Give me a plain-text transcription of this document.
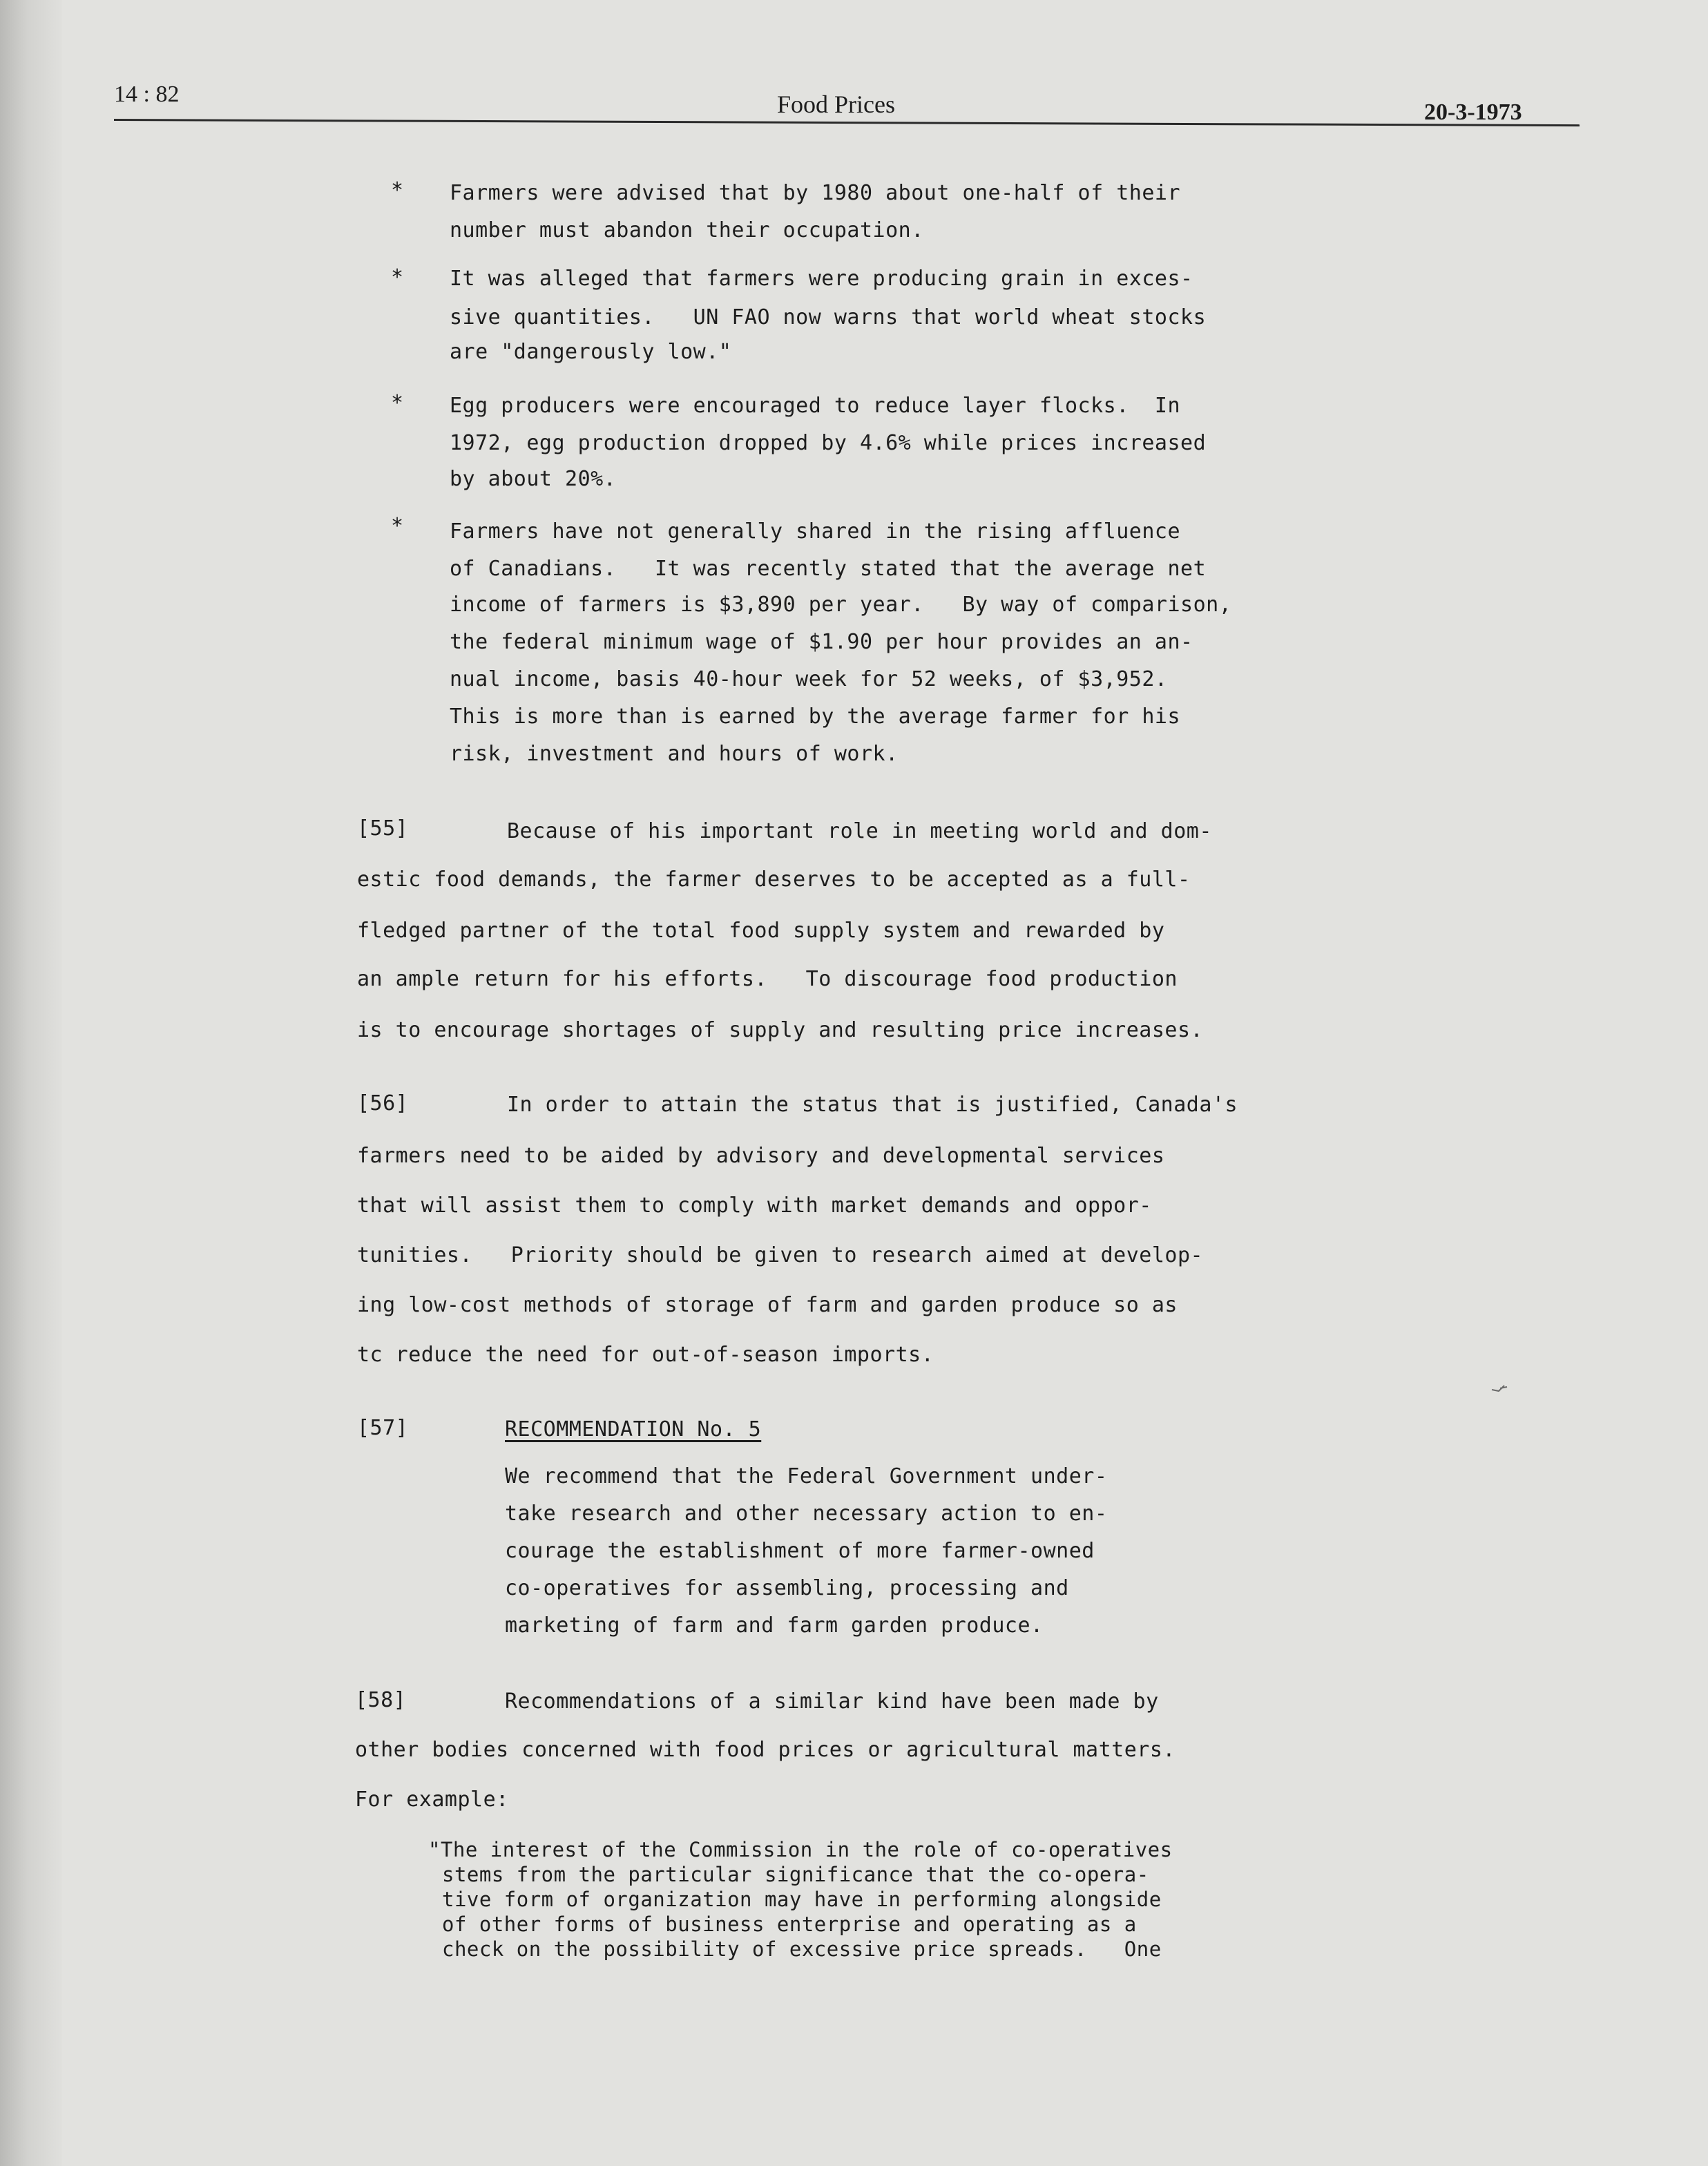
14 : 82	Food Prices	20-3-1973
* Farmers were advised that by 1980 about one-half of their
number must abandon their occupation.
* It was alleged that farmers were producing grain in exces-
sive quantities.   UN FAO now warns that world wheat stocks
are "dangerously low."
* Egg producers were encouraged to reduce layer flocks.  In
1972, egg production dropped by 4.6% while prices increased
by about 20%.
* Farmers have not generally shared in the rising affluence
of Canadians.   It was recently stated that the average net
income of farmers is $3,890 per year.   By way of comparison,
the federal minimum wage of $1.90 per hour provides an an-
nual income, basis 40-hour week for 52 weeks, of $3,952.
This is more than is earned by the average farmer for his
risk, investment and hours of work.
[55]	Because of his important role in meeting world and dom-
estic food demands, the farmer deserves to be accepted as a full-
fledged partner of the total food supply system and rewarded by
an ample return for his efforts.   To discourage food production
is to encourage shortages of supply and resulting price increases.
[56]	In order to attain the status that is justified, Canada's
farmers need to be aided by advisory and developmental services
that will assist them to comply with market demands and oppor-
tunities.   Priority should be given to research aimed at develop-
ing low-cost methods of storage of farm and garden produce so as
tc reduce the need for out-of-season imports.
[57]	RECOMMENDATION No. 5
We recommend that the Federal Government under-
take research and other necessary action to en-
courage the establishment of more farmer-owned
co-operatives for assembling, processing and
marketing of farm and farm garden produce.
[58]	Recommendations of a similar kind have been made by
other bodies concerned with food prices or agricultural matters.
For example:
"The interest of the Commission in the role of co-operatives
stems from the particular significance that the co-opera-
tive form of organization may have in performing alongside
of other forms of business enterprise and operating as a
check on the possibility of excessive price spreads.   One
